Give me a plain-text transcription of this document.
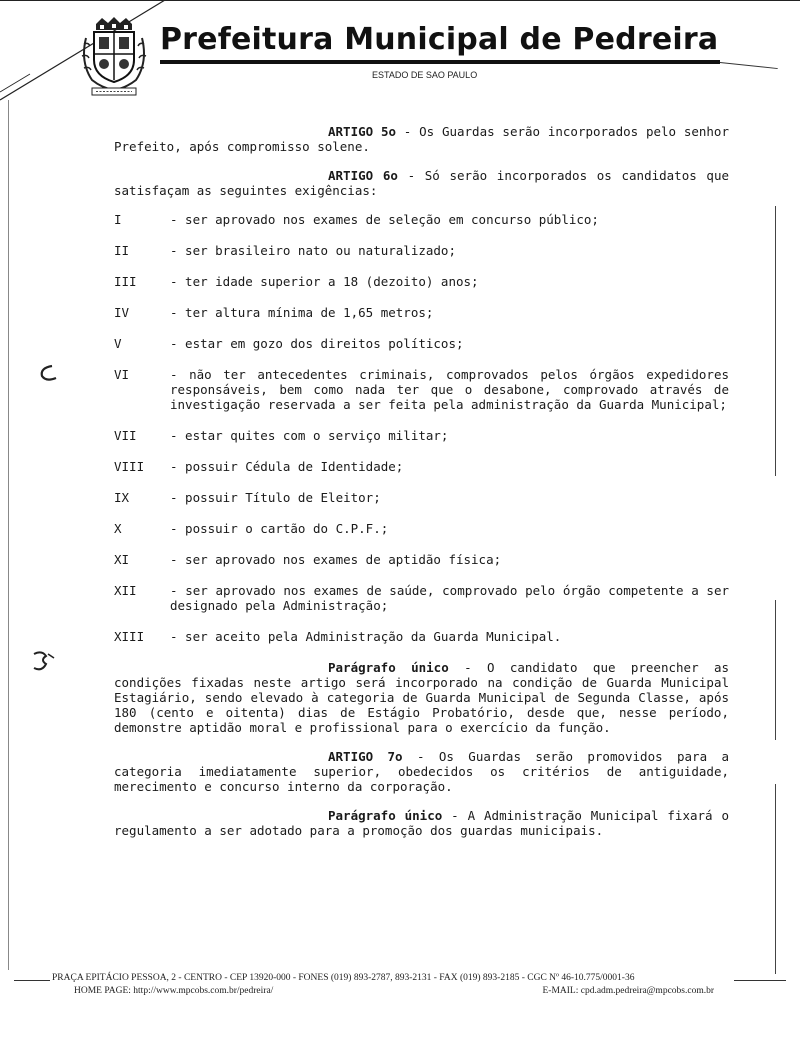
Prefeitura Municipal de Pedreira
ESTADO DE SAO PAULO

ARTIGO 5o - Os Guardas serão incorporados pelo senhor Prefeito, após compromisso solene.

ARTIGO 6o - Só serão incorporados os candidatos que satisfaçam as seguintes exigências:

I	- ser aprovado nos exames de seleção em concurso público;
II	- ser brasileiro nato ou naturalizado;
III	- ter idade superior a 18 (dezoito) anos;
IV	- ter altura mínima de 1,65 metros;
V	- estar em gozo dos direitos políticos;
VI	- não ter antecedentes criminais, comprovados pelos órgãos expedidores responsáveis, bem como nada ter que o desabone, comprovado através de investigação reservada a ser feita pela administração da Guarda Municipal;
VII	- estar quites com o serviço militar;
VIII	- possuir Cédula de Identidade;
IX	- possuir Título de Eleitor;
X	- possuir o cartão do C.P.F.;
XI	- ser aprovado nos exames de aptidão física;
XII	- ser aprovado nos exames de saúde, comprovado pelo órgão competente a ser designado pela Administração;
XIII	- ser aceito pela Administração da Guarda Municipal.

Parágrafo único - O candidato que preencher as condições fixadas neste artigo será incorporado na condição de Guarda Municipal Estagiário, sendo elevado à categoria de Guarda Municipal de Segunda Classe, após 180 (cento e oitenta) dias de Estágio Probatório, desde que, nesse período, demonstre aptidão moral e profissional para o exercício da função.

ARTIGO 7o - Os Guardas serão promovidos para a categoria imediatamente superior, obedecidos os critérios de antiguidade, merecimento e concurso interno da corporação.

Parágrafo único - A Administração Municipal fixará o regulamento a ser adotado para a promoção dos guardas municipais.

PRAÇA EPITÁCIO PESSOA, 2 - CENTRO - CEP 13920-000 - FONES (019) 893-2787, 893-2131 - FAX (019) 893-2185 - CGC Nº 46-10.775/0001-36
HOME PAGE: http://www.mpcobs.com.br/pedreira/	E-MAIL: cpd.adm.pedreira@mpcobs.com.br
